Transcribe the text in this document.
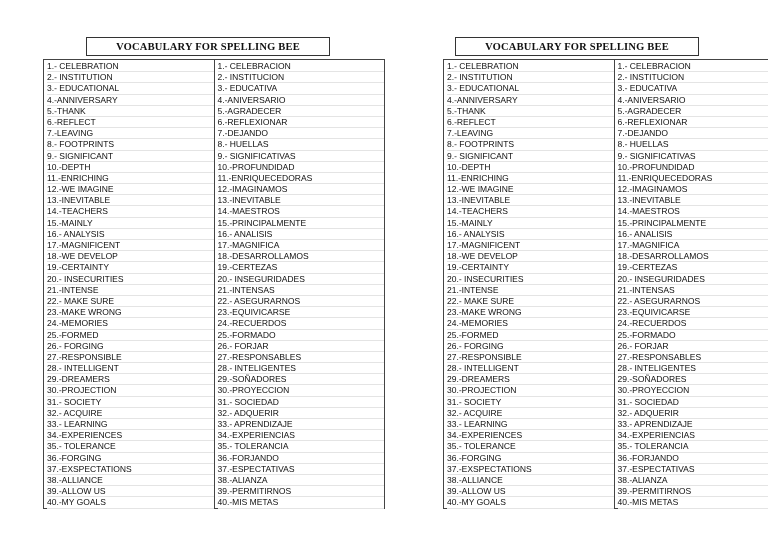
VOCABULARY FOR SPELLING BEE	VOCABULARY FOR SPELLING BEE
1.- CELEBRATION
2.- INSTITUTION
3.- EDUCATIONAL
4.-ANNIVERSARY
5.-THANK
6.-REFLECT
7.-LEAVING
8.- FOOTPRINTS
9.- SIGNIFICANT
10.-DEPTH
11.-ENRICHING
12.-WE IMAGINE
13.-INEVITABLE
14.-TEACHERS
15.-MAINLY
16.- ANALYSIS
17.-MAGNIFICENT
18.-WE DEVELOP
19.-CERTAINTY
20.- INSECURITIES
21.-INTENSE
22.- MAKE SURE
23.-MAKE WRONG
24.-MEMORIES
25.-FORMED
26.- FORGING
27.-RESPONSIBLE
28.- INTELLIGENT
29.-DREAMERS
30.-PROJECTION
31.- SOCIETY
32.- ACQUIRE
33.- LEARNING
34.-EXPERIENCES
35.- TOLERANCE
36.-FORGING
37.-EXSPECTATIONS
38.-ALLIANCE
39.-ALLOW US
40.-MY GOALS
1.- CELEBRACION
2.- INSTITUCION
3.- EDUCATIVA
4.-ANIVERSARIO
5.-AGRADECER
6.-REFLEXIONAR
7.-DEJANDO
8.- HUELLAS
9.- SIGNIFICATIVAS
10.-PROFUNDIDAD
11.-ENRIQUECEDORAS
12.-IMAGINAMOS
13.-INEVITABLE
14.-MAESTROS
15.-PRINCIPALMENTE
16.- ANALISIS
17.-MAGNIFICA
18.-DESARROLLAMOS
19.-CERTEZAS
20.- INSEGURIDADES
21.-INTENSAS
22.- ASEGURARNOS
23.-EQUIVICARSE
24.-RECUERDOS
25.-FORMADO
26.- FORJAR
27.-RESPONSABLES
28.- INTELIGENTES
29.-SOÑADORES
30.-PROYECCION
31.- SOCIEDAD
32.- ADQUERIR
33.- APRENDIZAJE
34.-EXPERIENCIAS
35.- TOLERANCIA
36.-FORJANDO
37.-ESPECTATIVAS
38.-ALIANZA
39.-PERMITIRNOS
40.-MIS METAS
1.- CELEBRATION
2.- INSTITUTION
3.- EDUCATIONAL
4.-ANNIVERSARY
5.-THANK
6.-REFLECT
7.-LEAVING
8.- FOOTPRINTS
9.- SIGNIFICANT
10.-DEPTH
11.-ENRICHING
12.-WE IMAGINE
13.-INEVITABLE
14.-TEACHERS
15.-MAINLY
16.- ANALYSIS
17.-MAGNIFICENT
18.-WE DEVELOP
19.-CERTAINTY
20.- INSECURITIES
21.-INTENSE
22.- MAKE SURE
23.-MAKE WRONG
24.-MEMORIES
25.-FORMED
26.- FORGING
27.-RESPONSIBLE
28.- INTELLIGENT
29.-DREAMERS
30.-PROJECTION
31.- SOCIETY
32.- ACQUIRE
33.- LEARNING
34.-EXPERIENCES
35.- TOLERANCE
36.-FORGING
37.-EXSPECTATIONS
38.-ALLIANCE
39.-ALLOW US
40.-MY GOALS
1.- CELEBRACION
2.- INSTITUCION
3.- EDUCATIVA
4.-ANIVERSARIO
5.-AGRADECER
6.-REFLEXIONAR
7.-DEJANDO
8.- HUELLAS
9.- SIGNIFICATIVAS
10.-PROFUNDIDAD
11.-ENRIQUECEDORAS
12.-IMAGINAMOS
13.-INEVITABLE
14.-MAESTROS
15.-PRINCIPALMENTE
16.- ANALISIS
17.-MAGNIFICA
18.-DESARROLLAMOS
19.-CERTEZAS
20.- INSEGURIDADES
21.-INTENSAS
22.- ASEGURARNOS
23.-EQUIVICARSE
24.-RECUERDOS
25.-FORMADO
26.- FORJAR
27.-RESPONSABLES
28.- INTELIGENTES
29.-SOÑADORES
30.-PROYECCION
31.- SOCIEDAD
32.- ADQUERIR
33.- APRENDIZAJE
34.-EXPERIENCIAS
35.- TOLERANCIA
36.-FORJANDO
37.-ESPECTATIVAS
38.-ALIANZA
39.-PERMITIRNOS
40.-MIS METAS
